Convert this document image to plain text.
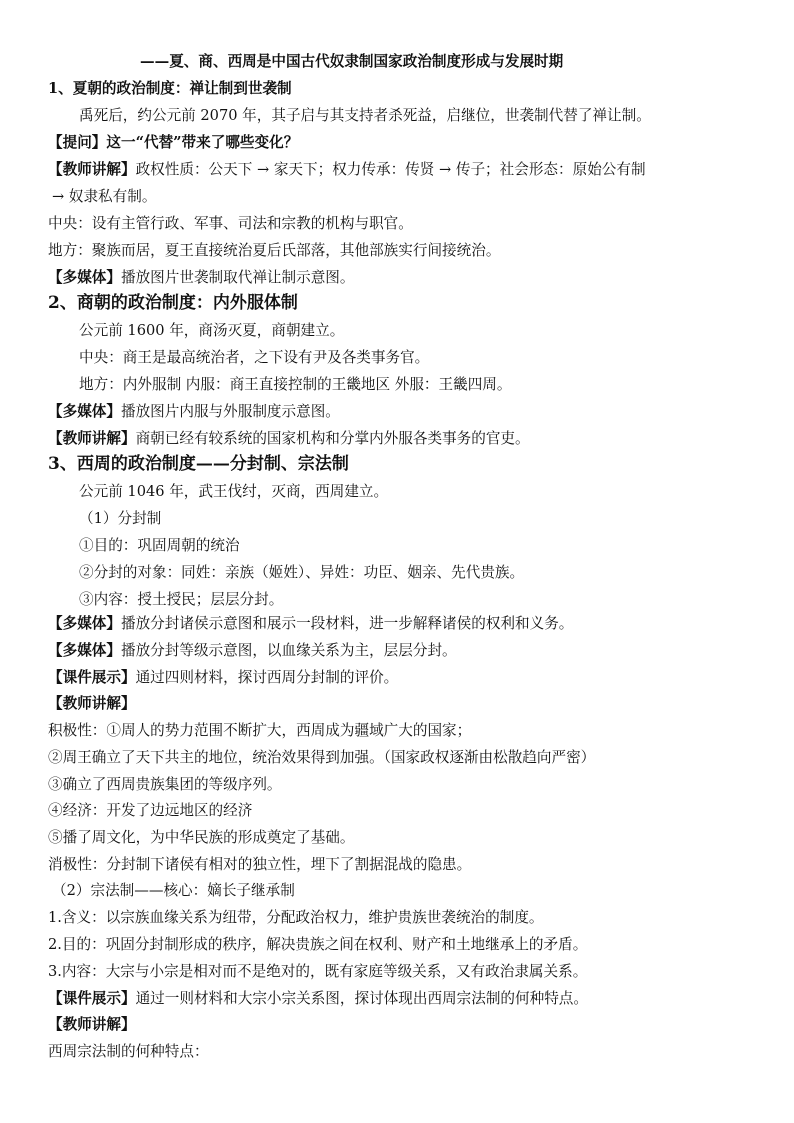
——夏、商、西周是中国古代奴隶制国家政治制度形成与发展时期
1、夏朝的政治制度：禅让制到世袭制
禹死后，约公元前 2070 年，其子启与其支持者杀死益，启继位，世袭制代替了禅让制。
【提问】这一“代替”带来了哪些变化？
【教师讲解】政权性质：公天下 → 家天下；权力传承：传贤 → 传子；社会形态：原始公有制
→ 奴隶私有制。
中央：设有主管行政、军事、司法和宗教的机构与职官。
地方：聚族而居，夏王直接统治夏后氏部落，其他部族实行间接统治。
【多媒体】播放图片世袭制取代禅让制示意图。
2、商朝的政治制度：内外服体制
公元前 1600 年，商汤灭夏，商朝建立。
中央：商王是最高统治者，之下设有尹及各类事务官。
地方：内外服制 内服：商王直接控制的王畿地区 外服：王畿四周。
【多媒体】播放图片内服与外服制度示意图。
【教师讲解】商朝已经有较系统的国家机构和分掌内外服各类事务的官吏。
3、西周的政治制度——分封制、宗法制
公元前 1046 年，武王伐纣，灭商，西周建立。
（1）分封制
①目的：巩固周朝的统治
②分封的对象：同姓：亲族（姬姓）、异姓：功臣、姻亲、先代贵族。
③内容：授土授民；层层分封。
【多媒体】播放分封诸侯示意图和展示一段材料，进一步解释诸侯的权利和义务。
【多媒体】播放分封等级示意图，以血缘关系为主，层层分封。
【课件展示】通过四则材料，探讨西周分封制的评价。
【教师讲解】
积极性：①周人的势力范围不断扩大，西周成为疆域广大的国家；
②周王确立了天下共主的地位，统治效果得到加强。（国家政权逐渐由松散趋向严密）
③确立了西周贵族集团的等级序列。
④经济：开发了边远地区的经济
⑤播了周文化，为中华民族的形成奠定了基础。
消极性：分封制下诸侯有相对的独立性，埋下了割据混战的隐患。
（2）宗法制——核心：嫡长子继承制
1.含义：以宗族血缘关系为纽带，分配政治权力，维护贵族世袭统治的制度。
2.目的：巩固分封制形成的秩序，解决贵族之间在权利、财产和土地继承上的矛盾。
3.内容：大宗与小宗是相对而不是绝对的，既有家庭等级关系，又有政治隶属关系。
【课件展示】通过一则材料和大宗小宗关系图，探讨体现出西周宗法制的何种特点。
【教师讲解】
西周宗法制的何种特点：
